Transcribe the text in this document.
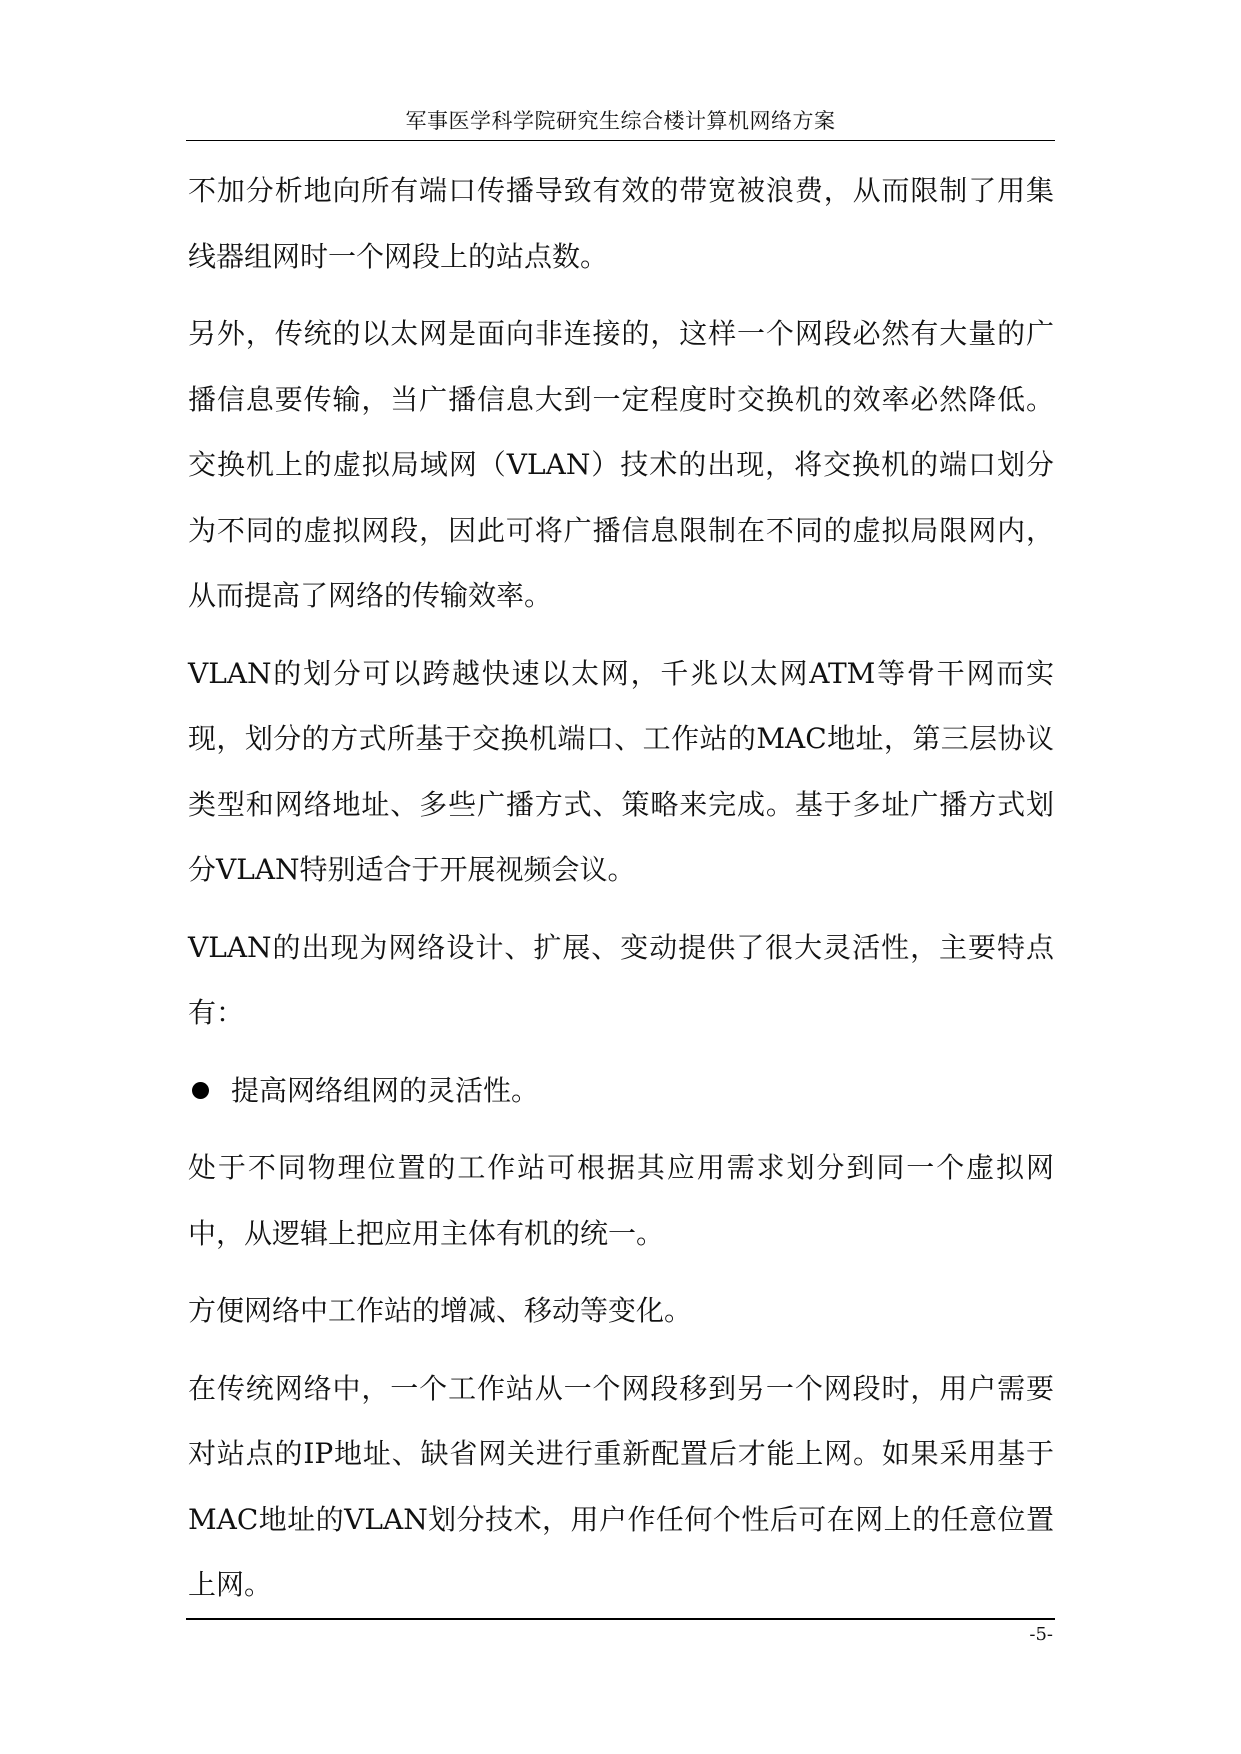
军事医学科学院研究生综合楼计算机网络方案

不加分析地向所有端口传播导致有效的带宽被浪费，从而限制了用集线器组网时一个网段上的站点数。

另外，传统的以太网是面向非连接的，这样一个网段必然有大量的广播信息要传输，当广播信息大到一定程度时交换机的效率必然降低。交换机上的虚拟局域网（VLAN）技术的出现，将交换机的端口划分为不同的虚拟网段，因此可将广播信息限制在不同的虚拟局限网内，从而提高了网络的传输效率。

VLAN的划分可以跨越快速以太网，千兆以太网ATM等骨干网而实现，划分的方式所基于交换机端口、工作站的MAC地址，第三层协议类型和网络地址、多些广播方式、策略来完成。基于多址广播方式划分VLAN特别适合于开展视频会议。

VLAN的出现为网络设计、扩展、变动提供了很大灵活性，主要特点有：

提高网络组网的灵活性。

处于不同物理位置的工作站可根据其应用需求划分到同一个虚拟网中，从逻辑上把应用主体有机的统一。

方便网络中工作站的增减、移动等变化。

在传统网络中，一个工作站从一个网段移到另一个网段时，用户需要对站点的IP地址、缺省网关进行重新配置后才能上网。如果采用基于MAC地址的VLAN划分技术，用户作任何个性后可在网上的任意位置上网。

-5-
